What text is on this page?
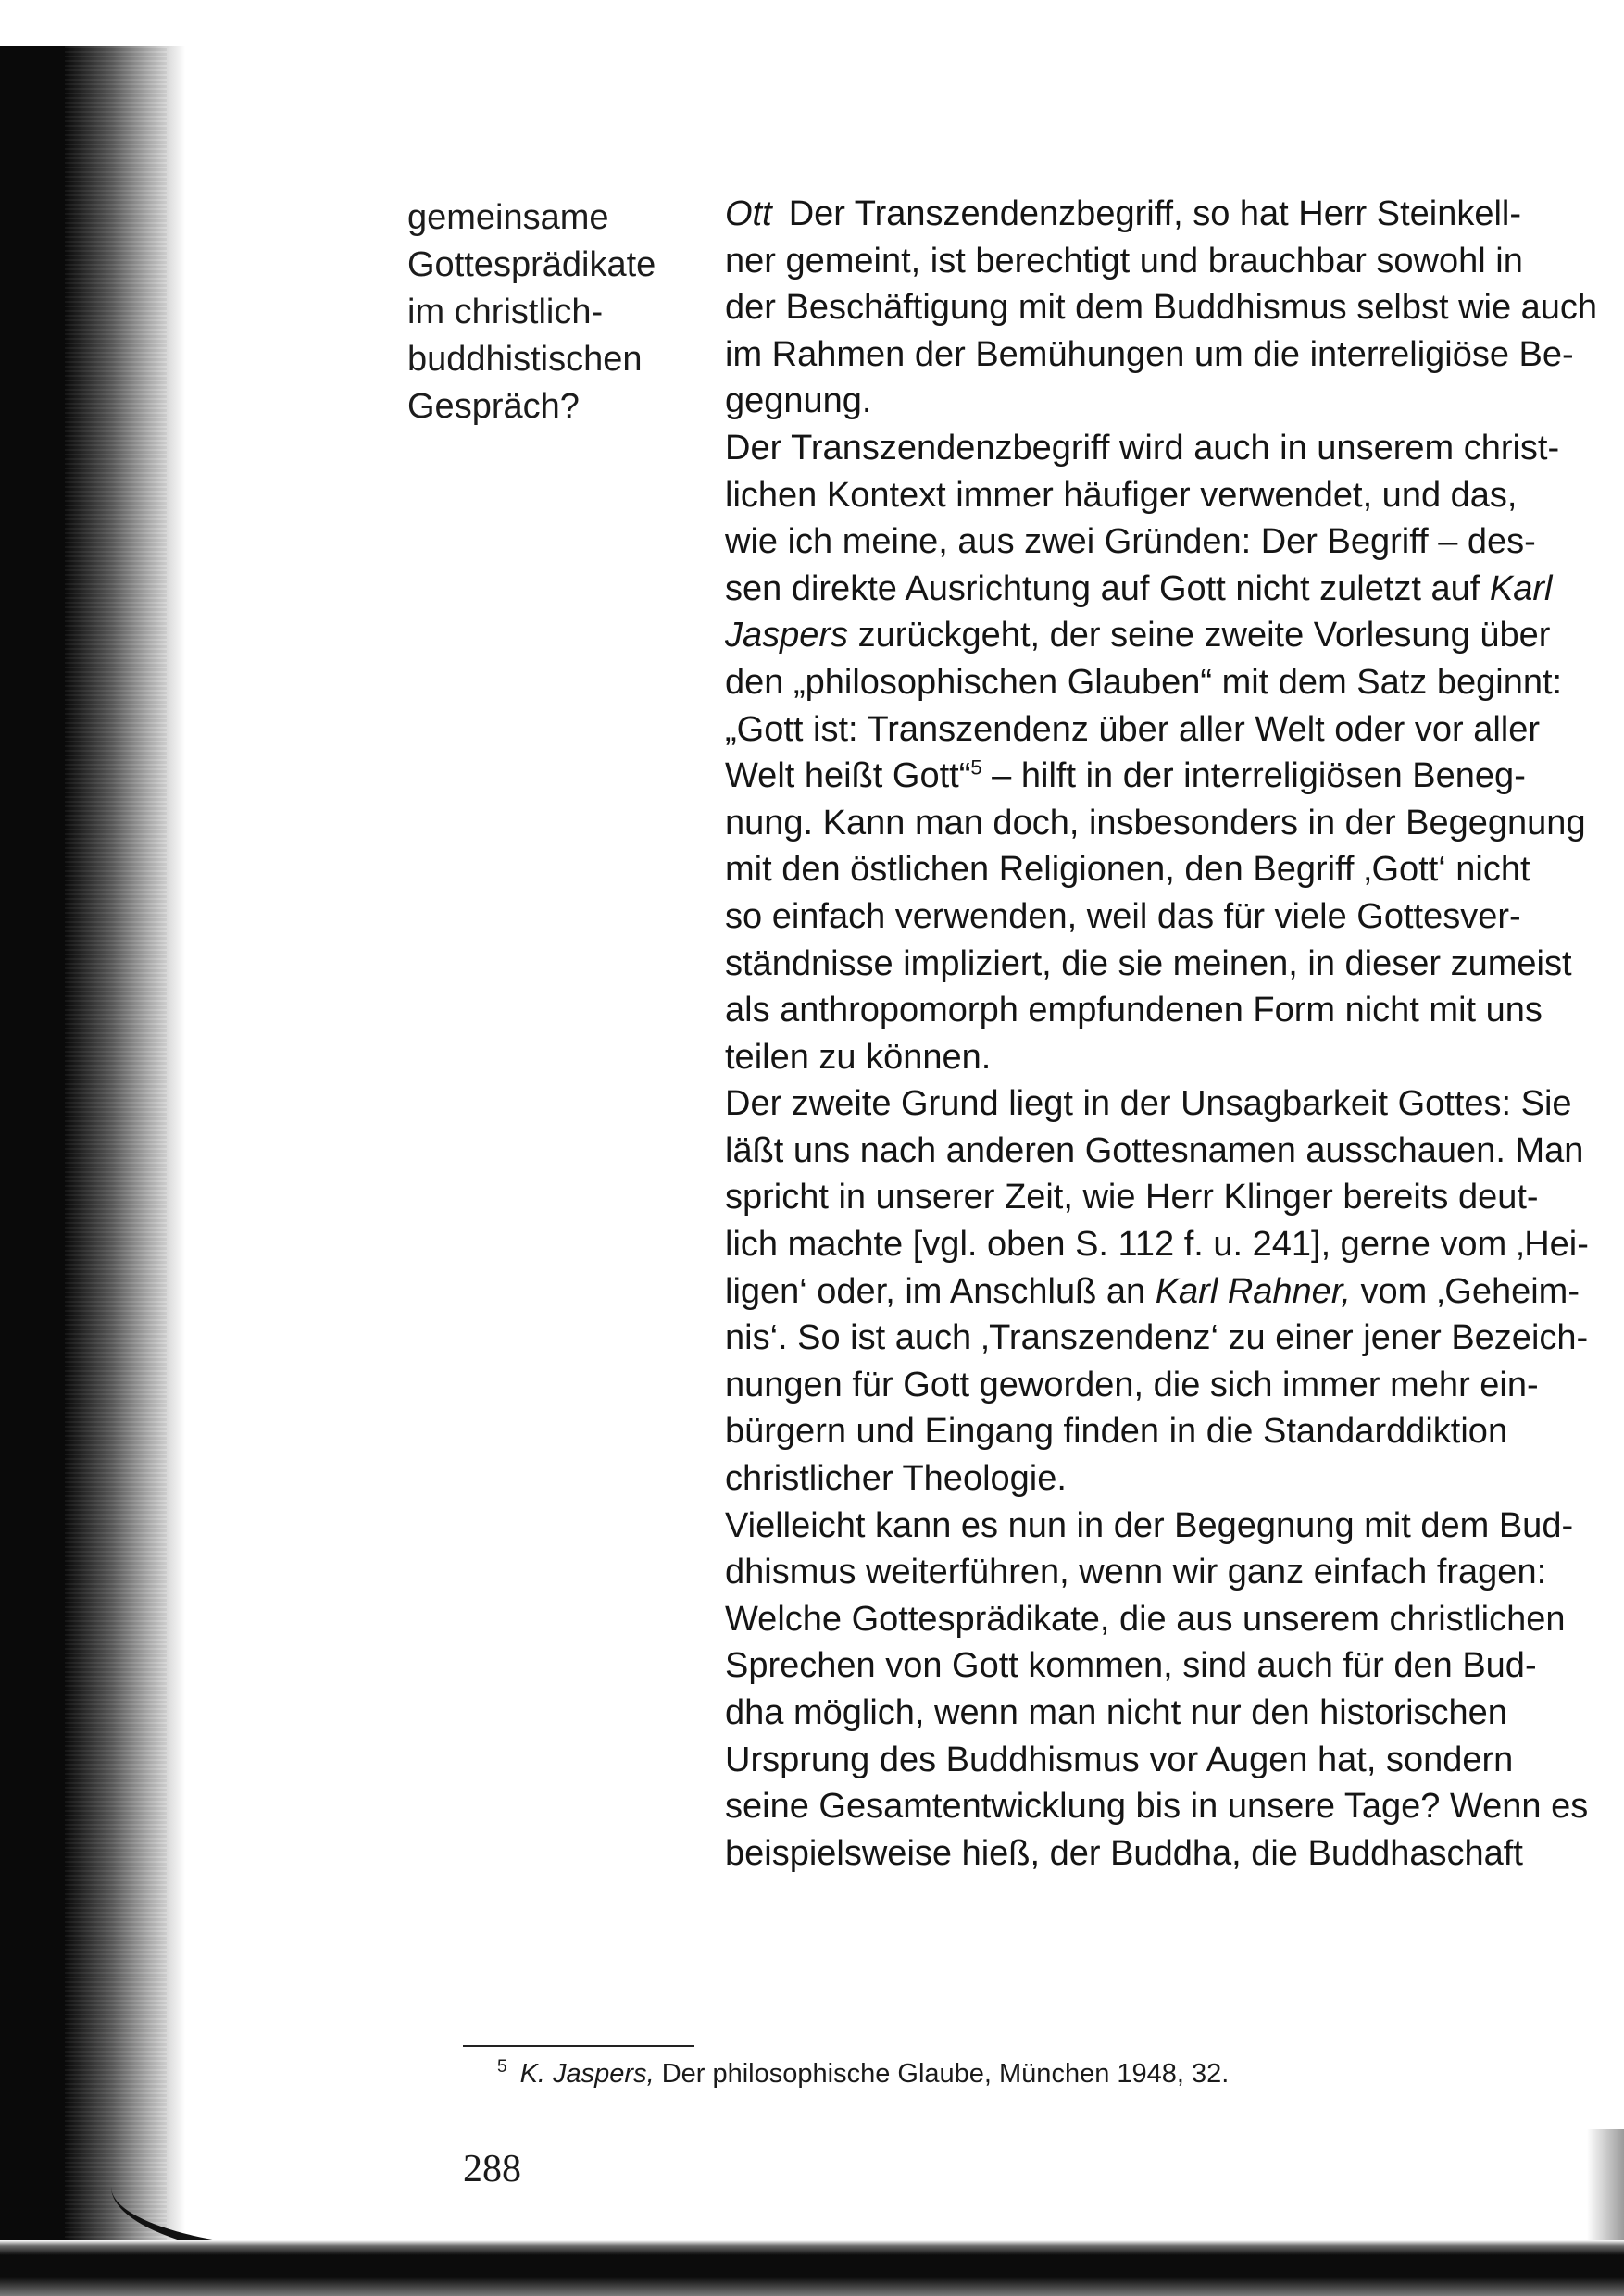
gemeinsame
Gottesprädikate
im christlich-
buddhistischen
Gespräch?
Ott Der Transzendenzbegriff, so hat Herr Steinkell-
ner gemeint, ist berechtigt und brauchbar sowohl in
der Beschäftigung mit dem Buddhismus selbst wie auch
im Rahmen der Bemühungen um die interreligiöse Be-
gegnung.
Der Transzendenzbegriff wird auch in unserem christ-
lichen Kontext immer häufiger verwendet, und das,
wie ich meine, aus zwei Gründen: Der Begriff – des-
sen direkte Ausrichtung auf Gott nicht zuletzt auf Karl
Jaspers zurückgeht, der seine zweite Vorlesung über
den „philosophischen Glauben“ mit dem Satz beginnt:
„Gott ist: Transzendenz über aller Welt oder vor aller
Welt heißt Gott“$^5$ – hilft in der interreligiösen Beneg-
nung. Kann man doch, insbesonders in der Begegnung
mit den östlichen Religionen, den Begriff ‚Gott‘ nicht
so einfach verwenden, weil das für viele Gottesver-
ständnisse impliziert, die sie meinen, in dieser zumeist
als anthropomorph empfundenen Form nicht mit uns
teilen zu können.
Der zweite Grund liegt in der Unsagbarkeit Gottes: Sie
läßt uns nach anderen Gottesnamen ausschauen. Man
spricht in unserer Zeit, wie Herr Klinger bereits deut-
lich machte [vgl. oben S. 112 f. u. 241], gerne vom ‚Hei-
ligen‘ oder, im Anschluß an Karl Rahner, vom ‚Geheim-
nis‘. So ist auch ‚Transzendenz‘ zu einer jener Bezeich-
nungen für Gott geworden, die sich immer mehr ein-
bürgern und Eingang finden in die Standarddiktion
christlicher Theologie.
Vielleicht kann es nun in der Begegnung mit dem Bud-
dhismus weiterführen, wenn wir ganz einfach fragen:
Welche Gottesprädikate, die aus unserem christlichen
Sprechen von Gott kommen, sind auch für den Bud-
dha möglich, wenn man nicht nur den historischen
Ursprung des Buddhismus vor Augen hat, sondern
seine Gesamtentwicklung bis in unsere Tage? Wenn es
beispielsweise hieß, der Buddha, die Buddhaschaft
$^5$ K. Jaspers, Der philosophische Glaube, München 1948, 32.
288
